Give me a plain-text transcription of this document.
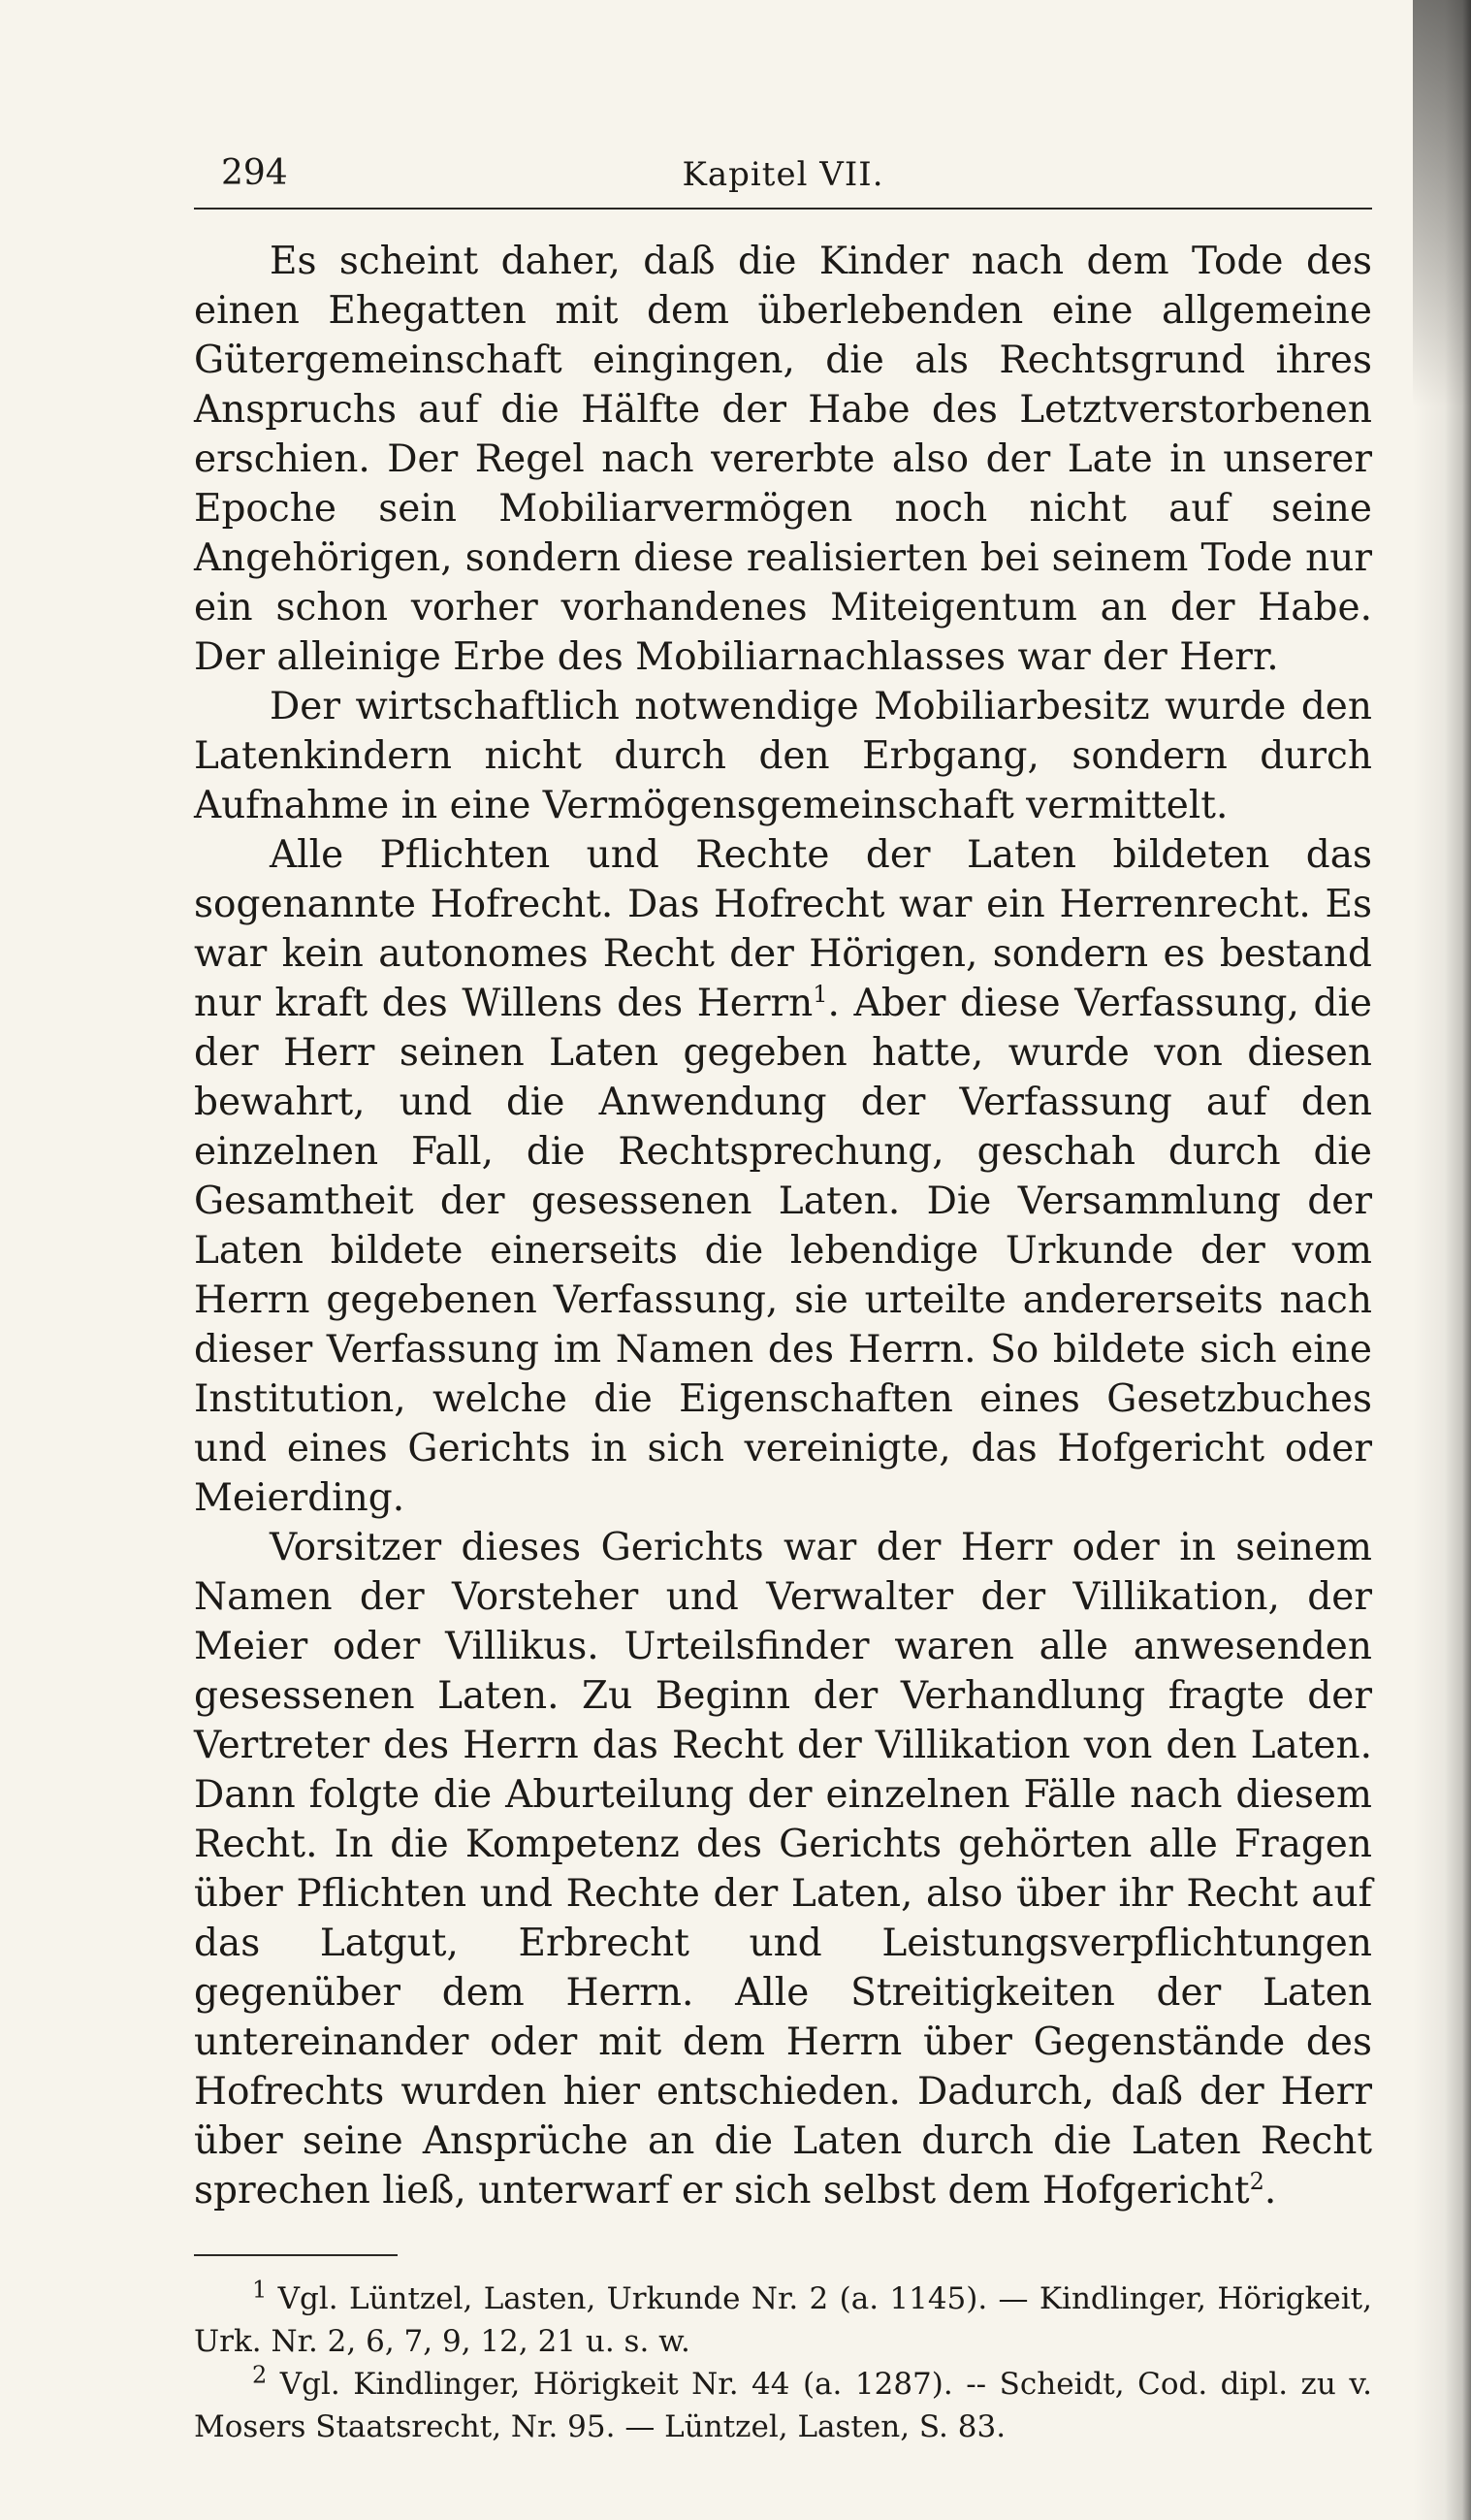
294	Kapitel VII.

Es scheint daher, daß die Kinder nach dem Tode des einen Ehegatten mit dem überlebenden eine allgemeine Gütergemeinschaft eingingen, die als Rechtsgrund ihres Anspruchs auf die Hälfte der Habe des Letztverstorbenen erschien. Der Regel nach vererbte also der Late in unserer Epoche sein Mobiliarvermögen noch nicht auf seine Angehörigen, sondern diese realisierten bei seinem Tode nur ein schon vorher vorhandenes Miteigentum an der Habe. Der alleinige Erbe des Mobiliarnachlasses war der Herr.

Der wirtschaftlich notwendige Mobiliarbesitz wurde den Latenkindern nicht durch den Erbgang, sondern durch Aufnahme in eine Vermögensgemeinschaft vermittelt.

Alle Pflichten und Rechte der Laten bildeten das sogenannte Hofrecht. Das Hofrecht war ein Herrenrecht. Es war kein autonomes Recht der Hörigen, sondern es bestand nur kraft des Willens des Herrn$^1$. Aber diese Verfassung, die der Herr seinen Laten gegeben hatte, wurde von diesen bewahrt, und die Anwendung der Verfassung auf den einzelnen Fall, die Rechtsprechung, geschah durch die Gesamtheit der gesessenen Laten. Die Versammlung der Laten bildete einerseits die lebendige Urkunde der vom Herrn gegebenen Verfassung, sie urteilte andererseits nach dieser Verfassung im Namen des Herrn. So bildete sich eine Institution, welche die Eigenschaften eines Gesetzbuches und eines Gerichts in sich vereinigte, das Hofgericht oder Meierding.

Vorsitzer dieses Gerichts war der Herr oder in seinem Namen der Vorsteher und Verwalter der Villikation, der Meier oder Villikus. Urteilsfinder waren alle anwesenden gesessenen Laten. Zu Beginn der Verhandlung fragte der Vertreter des Herrn das Recht der Villikation von den Laten. Dann folgte die Aburteilung der einzelnen Fälle nach diesem Recht. In die Kompetenz des Gerichts gehörten alle Fragen über Pflichten und Rechte der Laten, also über ihr Recht auf das Latgut, Erbrecht und Leistungsverpflichtungen gegenüber dem Herrn. Alle Streitigkeiten der Laten untereinander oder mit dem Herrn über Gegenstände des Hofrechts wurden hier entschieden. Dadurch, daß der Herr über seine Ansprüche an die Laten durch die Laten Recht sprechen ließ, unterwarf er sich selbst dem Hofgericht$^2$.

$^1$ Vgl. Lüntzel, Lasten, Urkunde Nr. 2 (a. 1145). — Kindlinger, Hörigkeit, Urk. Nr. 2, 6, 7, 9, 12, 21 u. s. w.

$^2$ Vgl. Kindlinger, Hörigkeit Nr. 44 (a. 1287). -- Scheidt, Cod. dipl. zu v. Mosers Staatsrecht, Nr. 95. — Lüntzel, Lasten, S. 83.
